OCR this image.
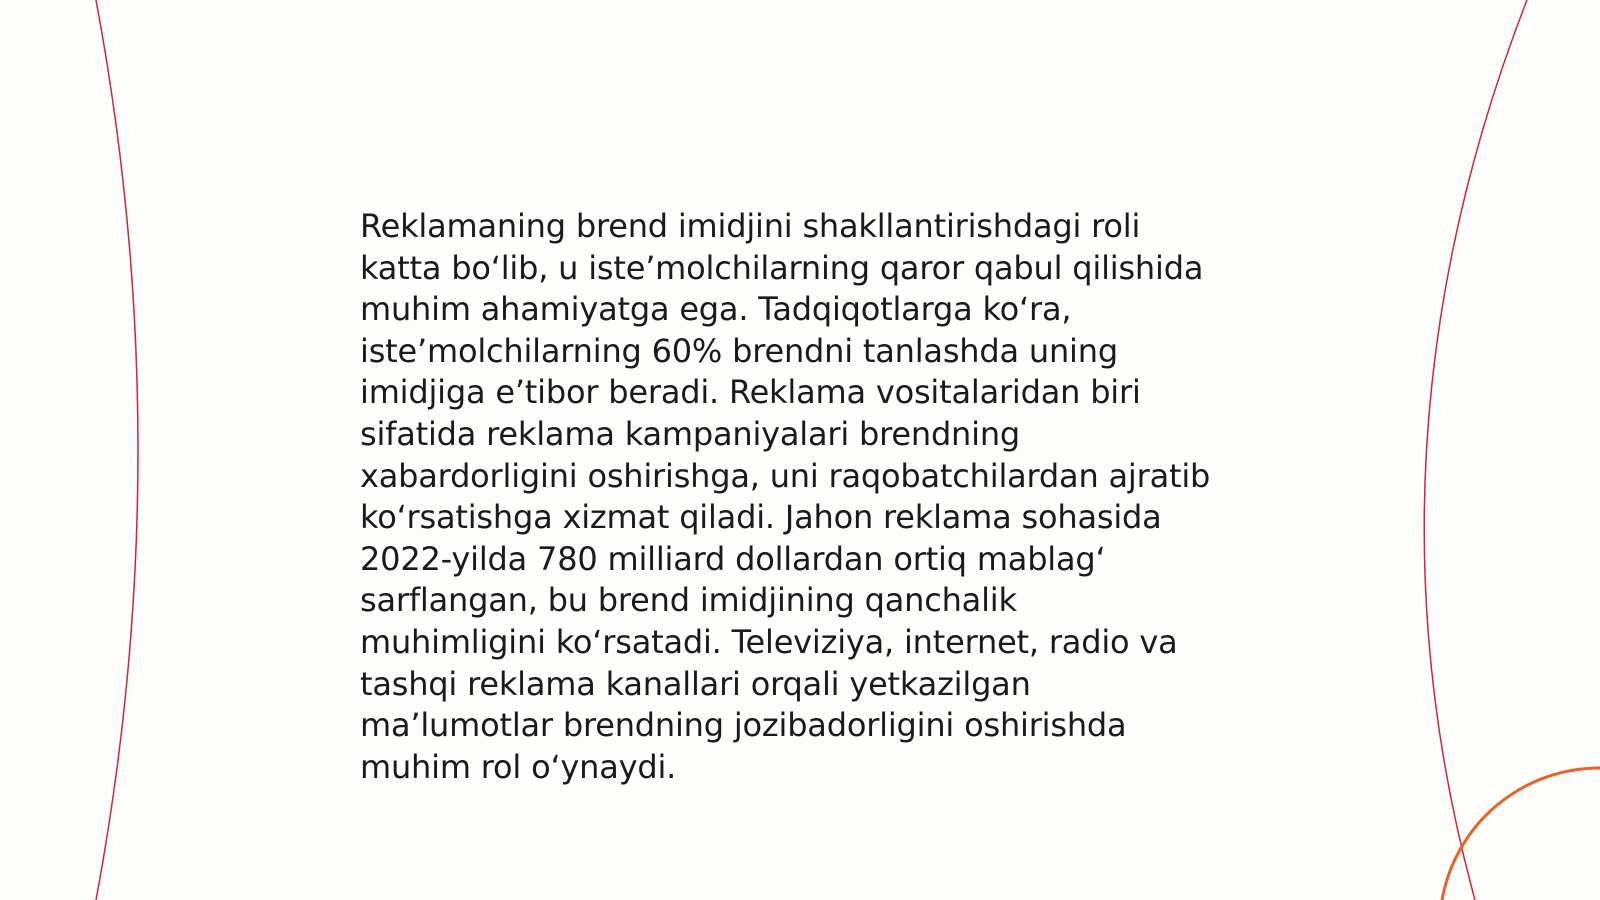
Reklamaning brend imidjini shakllantirishdagi roli
katta bo‘lib, u iste’molchilarning qaror qabul qilishida
muhim ahamiyatga ega. Tadqiqotlarga ko‘ra,
iste’molchilarning 60% brendni tanlashda uning
imidjiga e’tibor beradi. Reklama vositalaridan biri
sifatida reklama kampaniyalari brendning
xabardorligini oshirishga, uni raqobatchilardan ajratib
ko‘rsatishga xizmat qiladi. Jahon reklama sohasida
2022-yilda 780 milliard dollardan ortiq mablag‘
sarflangan, bu brend imidjining qanchalik
muhimligini ko‘rsatadi. Televiziya, internet, radio va
tashqi reklama kanallari orqali yetkazilgan
ma’lumotlar brendning jozibadorligini oshirishda
muhim rol o‘ynaydi.
